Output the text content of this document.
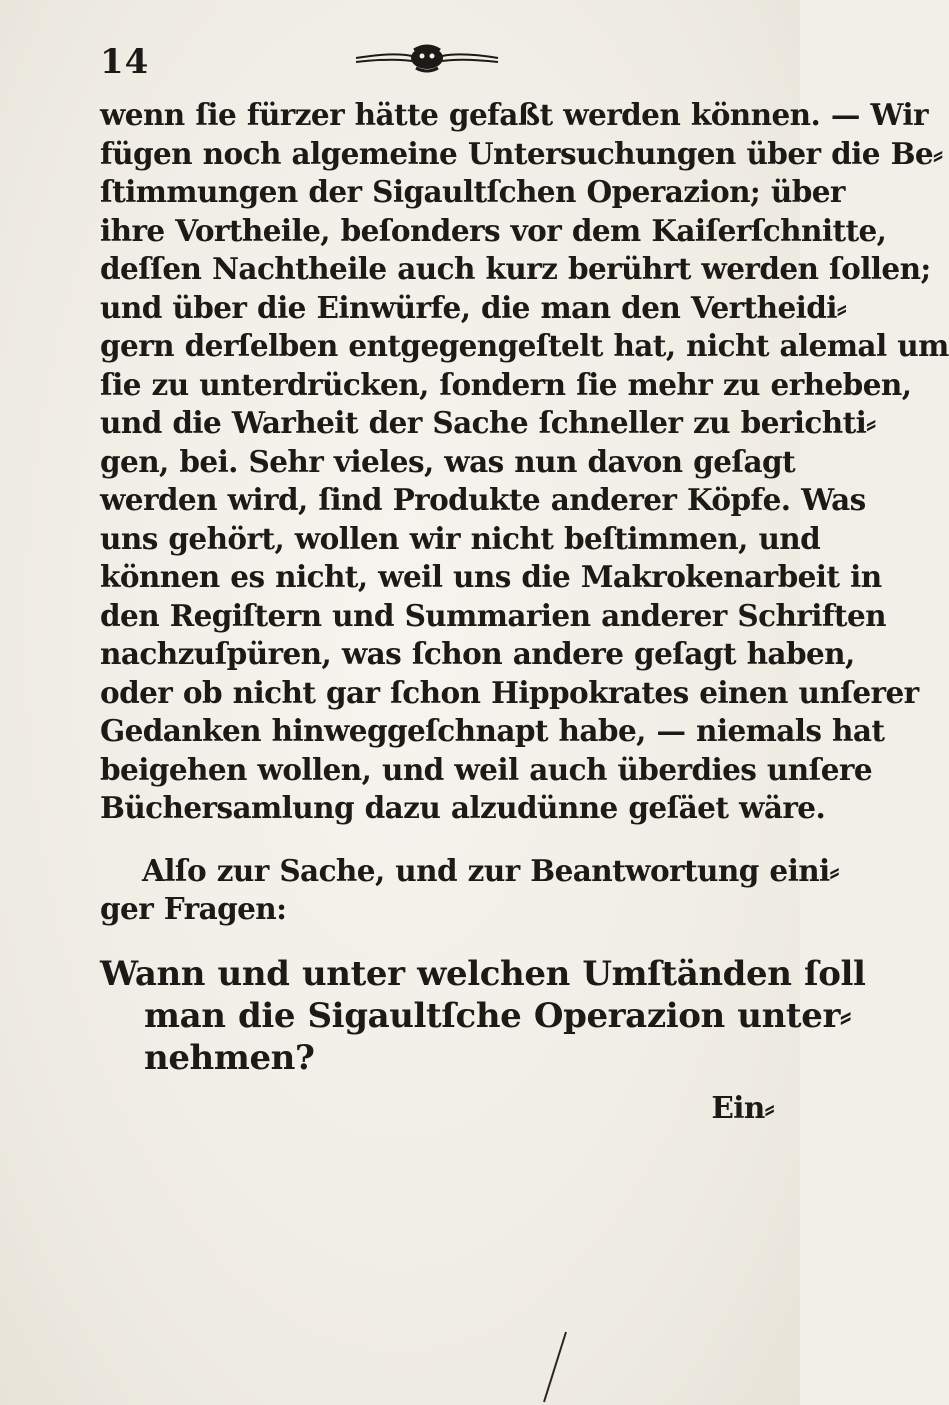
14
wenn ſie fürzer hätte gefaßt werden können. — Wir
fügen noch algemeine Untersuchungen über die Be⸗
ſtimmungen der Sigaultſchen Operazion; über
ihre Vortheile, beſonders vor dem Kaiſerſchnitte,
deſſen Nachtheile auch kurz berührt werden ſollen;
und über die Einwürfe, die man den Vertheidi⸗
gern derſelben entgegengeſtelt hat, nicht alemal um
ſie zu unterdrücken, ſondern ſie mehr zu erheben,
und die Warheit der Sache ſchneller zu berichti⸗
gen, bei. Sehr vieles, was nun davon geſagt
werden wird, ſind Produkte anderer Köpfe. Was
uns gehört, wollen wir nicht beſtimmen, und
können es nicht, weil uns die Makrokenarbeit in
den Regiſtern und Summarien anderer Schriften
nachzuſpüren, was ſchon andere geſagt haben,
oder ob nicht gar ſchon Hippokrates einen unſerer
Gedanken hinweggeſchnapt habe, — niemals hat
beigehen wollen, und weil auch überdies unſere
Büchersamlung dazu alzudünne geſäet wäre.
Alſo zur Sache, und zur Beantwortung eini⸗
ger Fragen:
Wann und unter welchen Umſtänden ſoll
man die Sigaultſche Operazion unter⸗
nehmen?
Ein⸗
